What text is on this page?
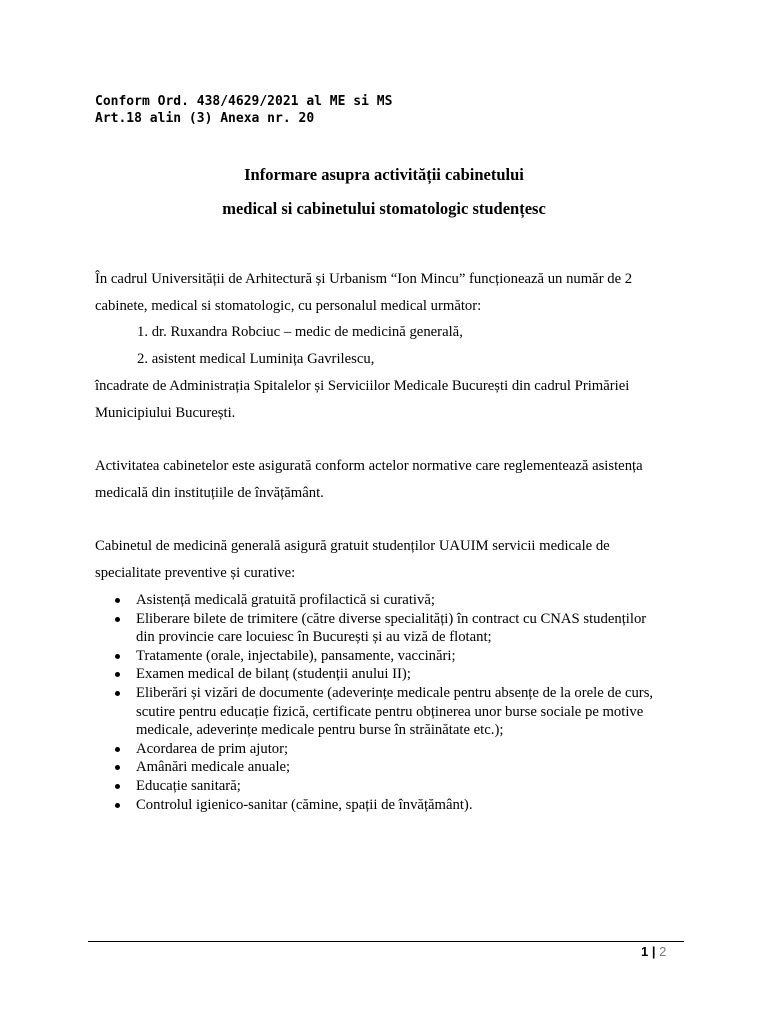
Conform Ord. 438/4629/2021 al ME si MS
Art.18 alin (3) Anexa nr. 20
Informare asupra activității cabinetului
medical si cabinetului stomatologic studențesc
În cadrul Universității de Arhitectură și Urbanism “Ion Mincu” funcționează un număr de 2
cabinete, medical si stomatologic, cu personalul medical următor:
1. dr. Ruxandra Robciuc – medic de medicină generală,
2. asistent medical Luminița Gavrilescu,
încadrate de Administrația Spitalelor și Serviciilor Medicale București din cadrul Primăriei
Municipiului București.
Activitatea cabinetelor este asigurată conform actelor normative care reglementează asistența
medicală din instituțiile de învățământ.
Cabinetul de medicină generală asigură gratuit studenților UAUIM servicii medicale de
specialitate preventive și curative:
Asistență medicală gratuită profilactică si curativă;
Eliberare bilete de trimitere (către diverse specialități) în contract cu CNAS studenților
din provincie care locuiesc în București și au viză de flotant;
Tratamente (orale, injectabile), pansamente, vaccinări;
Examen medical de bilanț (studenții anului II);
Eliberări și vizări de documente (adeverințe medicale pentru absențe de la orele de curs,
scutire pentru educație fizică, certificate pentru obținerea unor burse sociale pe motive
medicale, adeverințe medicale pentru burse în străinătate etc.);
Acordarea de prim ajutor;
Amânări medicale anuale;
Educație sanitară;
Controlul igienico-sanitar (cămine, spații de învățământ).
1 | 2
